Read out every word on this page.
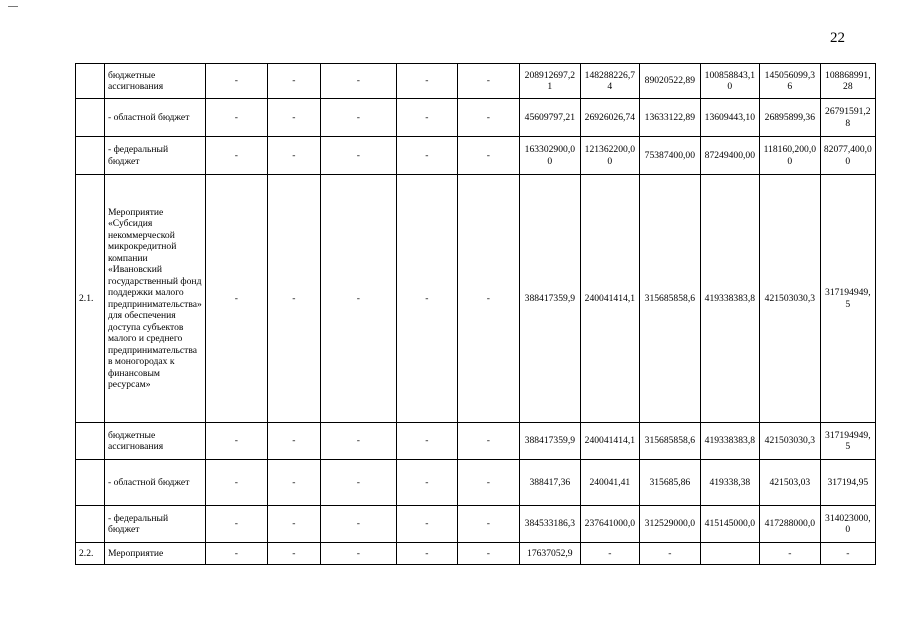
22
	бюджетные ассигнования	-	-	-	-	-	208912697,21	148288226,74	89020522,89	100858843,10	145056099,36	108868991,28
	- областной бюджет	-	-	-	-	-	45609797,21	26926026,74	13633122,89	13609443,10	26895899,36	26791591,28
	- федеральный бюджет	-	-	-	-	-	163302900,00	121362200,00	75387400,00	87249400,00	118160,200,00	82077,400,00
2.1.	Мероприятие «Субсидия некоммерческой микрокредитной компании «Ивановский государственный фонд поддержки малого предпринимательства» для обеспечения доступа субъектов малого и среднего предпринимательства в моногородах к финансовым ресурсам»	-	-	-	-	-	388417359,9	240041414,1	315685858,6	419338383,8	421503030,3	317194949,5
	бюджетные ассигнования	-	-	-	-	-	388417359,9	240041414,1	315685858,6	419338383,8	421503030,3	317194949,5
	- областной бюджет	-	-	-	-	-	388417,36	240041,41	315685,86	419338,38	421503,03	317194,95
	- федеральный бюджет	-	-	-	-	-	384533186,3	237641000,0	312529000,0	415145000,0	417288000,0	314023000,0
2.2.	Мероприятие	-	-	-	-	-	17637052,9	-	-		-	-
